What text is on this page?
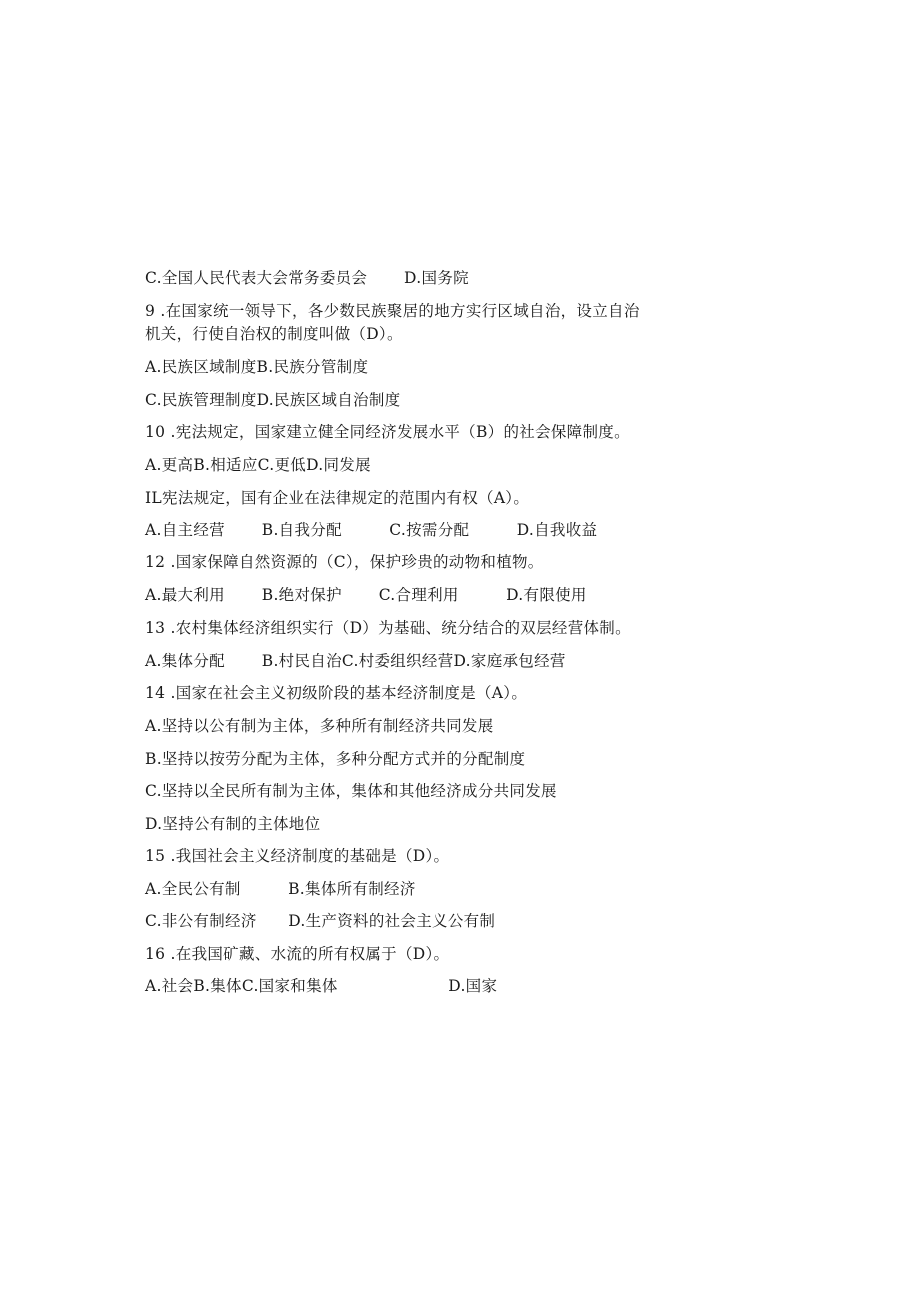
C.全国人民代表大会常务委员会　　 D.国务院
9 .在国家统一领导下，各少数民族聚居的地方实行区域自治，设立自治
机关，行使自治权的制度叫做（D）。
A.民族区域制度B.民族分管制度
C.民族管理制度D.民族区域自治制度
10 .宪法规定，国家建立健全同经济发展水平（B）的社会保障制度。
A.更高B.相适应C.更低D.同发展
IL宪法规定，国有企业在法律规定的范围内有权（A）。
A.自主经营　　 B.自我分配　　　C.按需分配　　　D.自我收益
12 .国家保障自然资源的（C），保护珍贵的动物和植物。
A.最大利用　　 B.绝对保护　　 C.合理利用　　　D.有限使用
13 .农村集体经济组织实行（D）为基础、统分结合的双层经营体制。
A.集体分配　　 B.村民自治C.村委组织经营D.家庭承包经营
14 .国家在社会主义初级阶段的基本经济制度是（A）。
A.坚持以公有制为主体，多种所有制经济共同发展
B.坚持以按劳分配为主体，多种分配方式并的分配制度
C.坚持以全民所有制为主体，集体和其他经济成分共同发展
D.坚持公有制的主体地位
15 .我国社会主义经济制度的基础是（D）。
A.全民公有制　　　B.集体所有制经济
C.非公有制经济　　D.生产资料的社会主义公有制
16 .在我国矿藏、水流的所有权属于（D）。
A.社会B.集体C.国家和集体　　　　　　　D.国家
